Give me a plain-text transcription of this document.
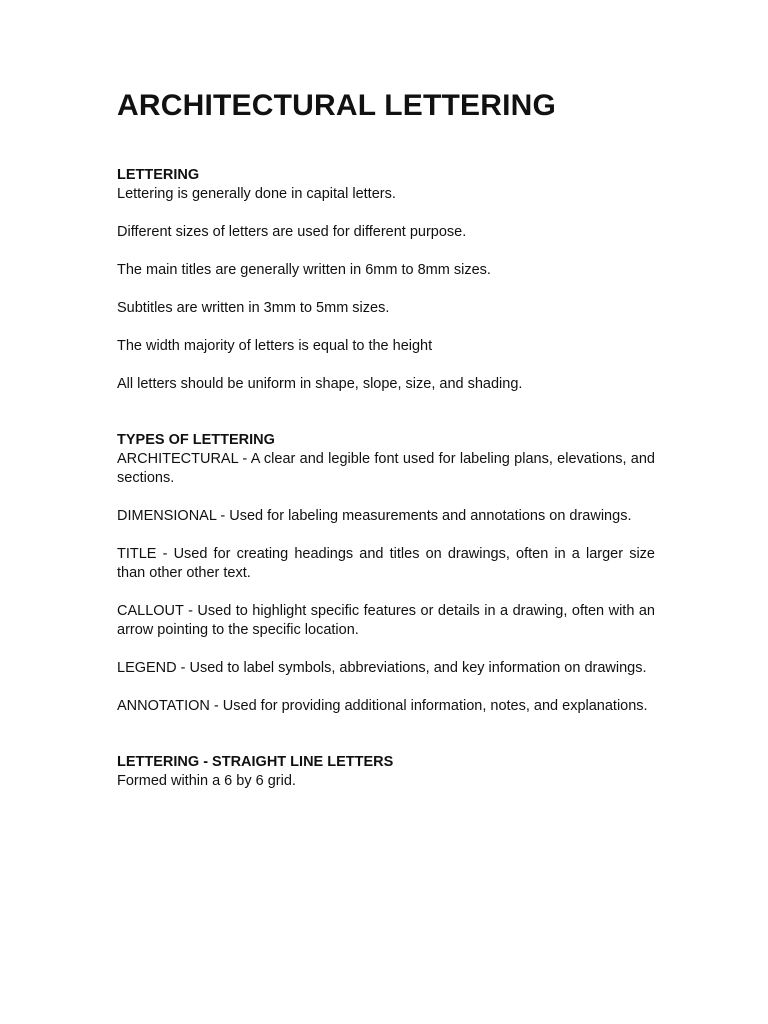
ARCHITECTURAL LETTERING
LETTERING

Lettering is generally done in capital letters.

Different sizes of letters are used for different purpose.

The main titles are generally written in 6mm to 8mm sizes.

Subtitles are written in 3mm to 5mm sizes.

The width majority of letters is equal to the height

All letters should be uniform in shape, slope, size, and shading.

TYPES OF LETTERING

ARCHITECTURAL - A clear and legible font used for labeling plans, elevations, and sections.

DIMENSIONAL - Used for labeling measurements and annotations on drawings.

TITLE - Used for creating headings and titles on drawings, often in a larger size than other other text.

CALLOUT - Used to highlight specific features or details in a drawing, often with an arrow pointing to the specific location.

LEGEND - Used to label symbols, abbreviations, and key information on drawings.

ANNOTATION - Used for providing additional information, notes, and explanations.

LETTERING - STRAIGHT LINE LETTERS

Formed within a 6 by 6 grid.
